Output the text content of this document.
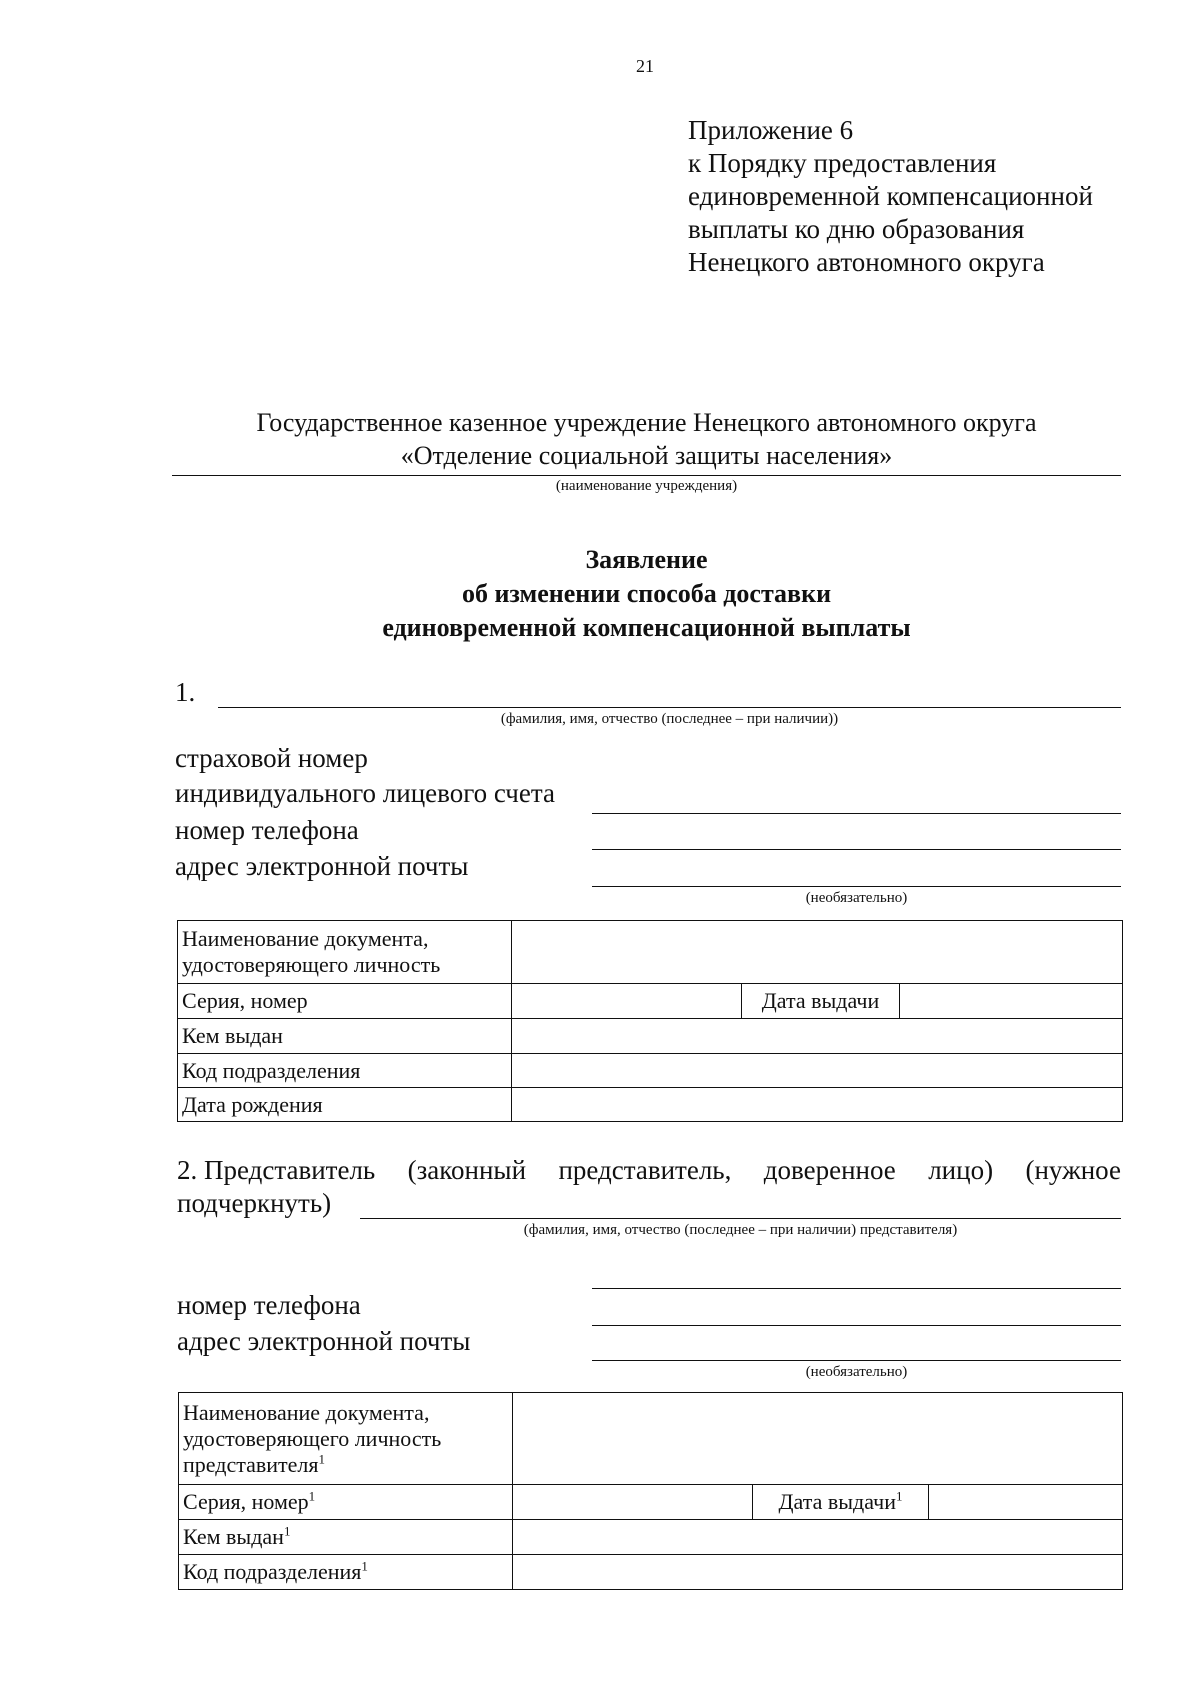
21
Приложение 6
к Порядку предоставления
единовременной компенсационной
выплаты ко дню образования
Ненецкого автономного округа
Государственное казенное учреждение Ненецкого автономного округа
«Отделение социальной защиты населения»
(наименование учреждения)
Заявление
об изменении способа доставки
единовременной компенсационной выплаты
1.
(фамилия, имя, отчество (последнее – при наличии))
страховой номер
индивидуального лицевого счета
номер телефона
адрес электронной почты
(необязательно)
Наименование документа, удостоверяющего личность			
Серия, номер		Дата выдачи	
Кем выдан			
Код подразделения			
Дата рождения			
2. Представитель (законный представитель, доверенное лицо) (нужное
подчеркнуть)
(фамилия, имя, отчество (последнее – при наличии) представителя)
номер телефона
адрес электронной почты
(необязательно)
Наименование документа,
удостоверяющего личность
представителя$^1$

Серия, номер$^1$		Дата выдачи$^1$	
Кем выдан$^1$	
Код подразделения$^1$	
